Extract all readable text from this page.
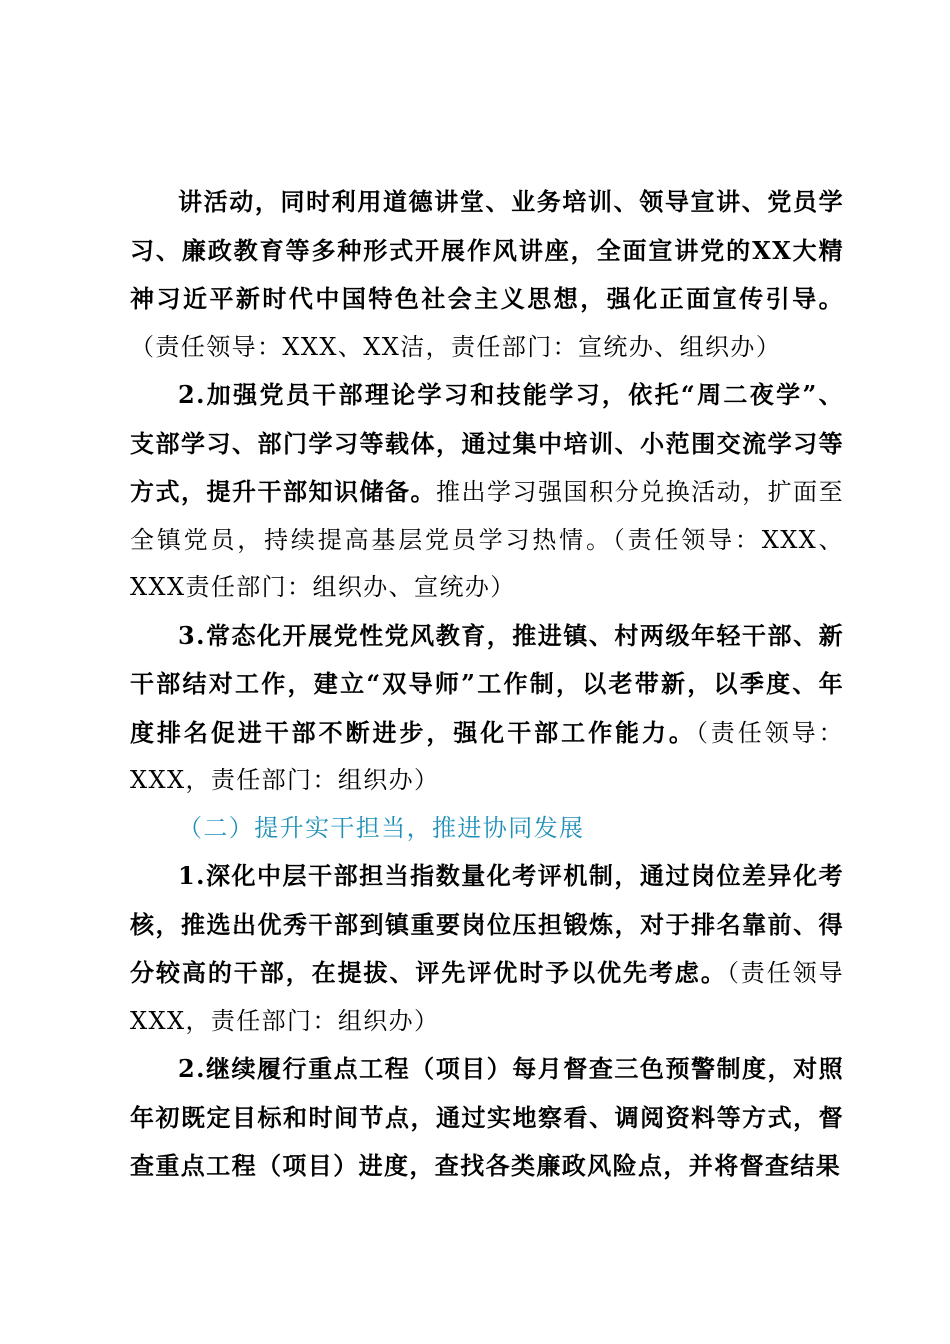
讲活动，同时利用道德讲堂、业务培训、领导宣讲、党员学习、廉政教育等多种形式开展作风讲座，全面宣讲党的XX大精神习近平新时代中国特色社会主义思想，强化正面宣传引导。（责任领导：XXX、XX洁，责任部门：宣统办、组织办）

2.加强党员干部理论学习和技能学习，依托“周二夜学”、支部学习、部门学习等载体，通过集中培训、小范围交流学习等方式，提升干部知识储备。推出学习强国积分兑换活动，扩面至全镇党员，持续提高基层党员学习热情。（责任领导：XXX、XXX责任部门：组织办、宣统办）

3.常态化开展党性党风教育，推进镇、村两级年轻干部、新干部结对工作，建立“双导师”工作制，以老带新，以季度、年度排名促进干部不断进步，强化干部工作能力。（责任领导：XXX，责任部门：组织办）

（二）提升实干担当，推进协同发展

1.深化中层干部担当指数量化考评机制，通过岗位差异化考核，推选出优秀干部到镇重要岗位压担锻炼，对于排名靠前、得分较高的干部，在提拔、评先评优时予以优先考虑。（责任领导XXX，责任部门：组织办）

2.继续履行重点工程（项目）每月督查三色预警制度，对照年初既定目标和时间节点，通过实地察看、调阅资料等方式，督查重点工程（项目）进度，查找各类廉政风险点，并将督查结果
